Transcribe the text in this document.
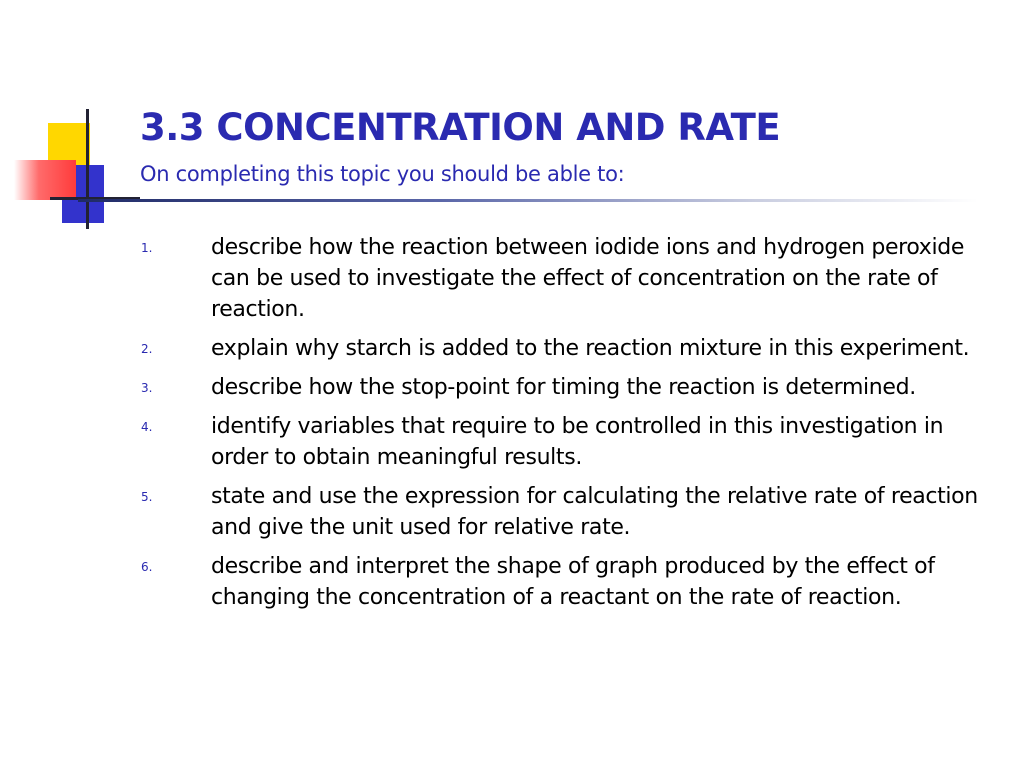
3.3 CONCENTRATION AND RATE

On completing this topic you should be able to:

1.	describe how the reaction between iodide ions and hydrogen peroxide can be used to investigate the effect of concentration on the rate of reaction.
2.	explain why starch is added to the reaction mixture in this experiment.
3.	describe how the stop-point for timing the reaction is determined.
4.	identify variables that require to be controlled in this investigation in order to obtain meaningful results.
5.	state and use the expression for calculating the relative rate of reaction and give the unit used for relative rate.
6.	describe and interpret the shape of graph produced by the effect of changing the concentration of a reactant on the rate of reaction.
